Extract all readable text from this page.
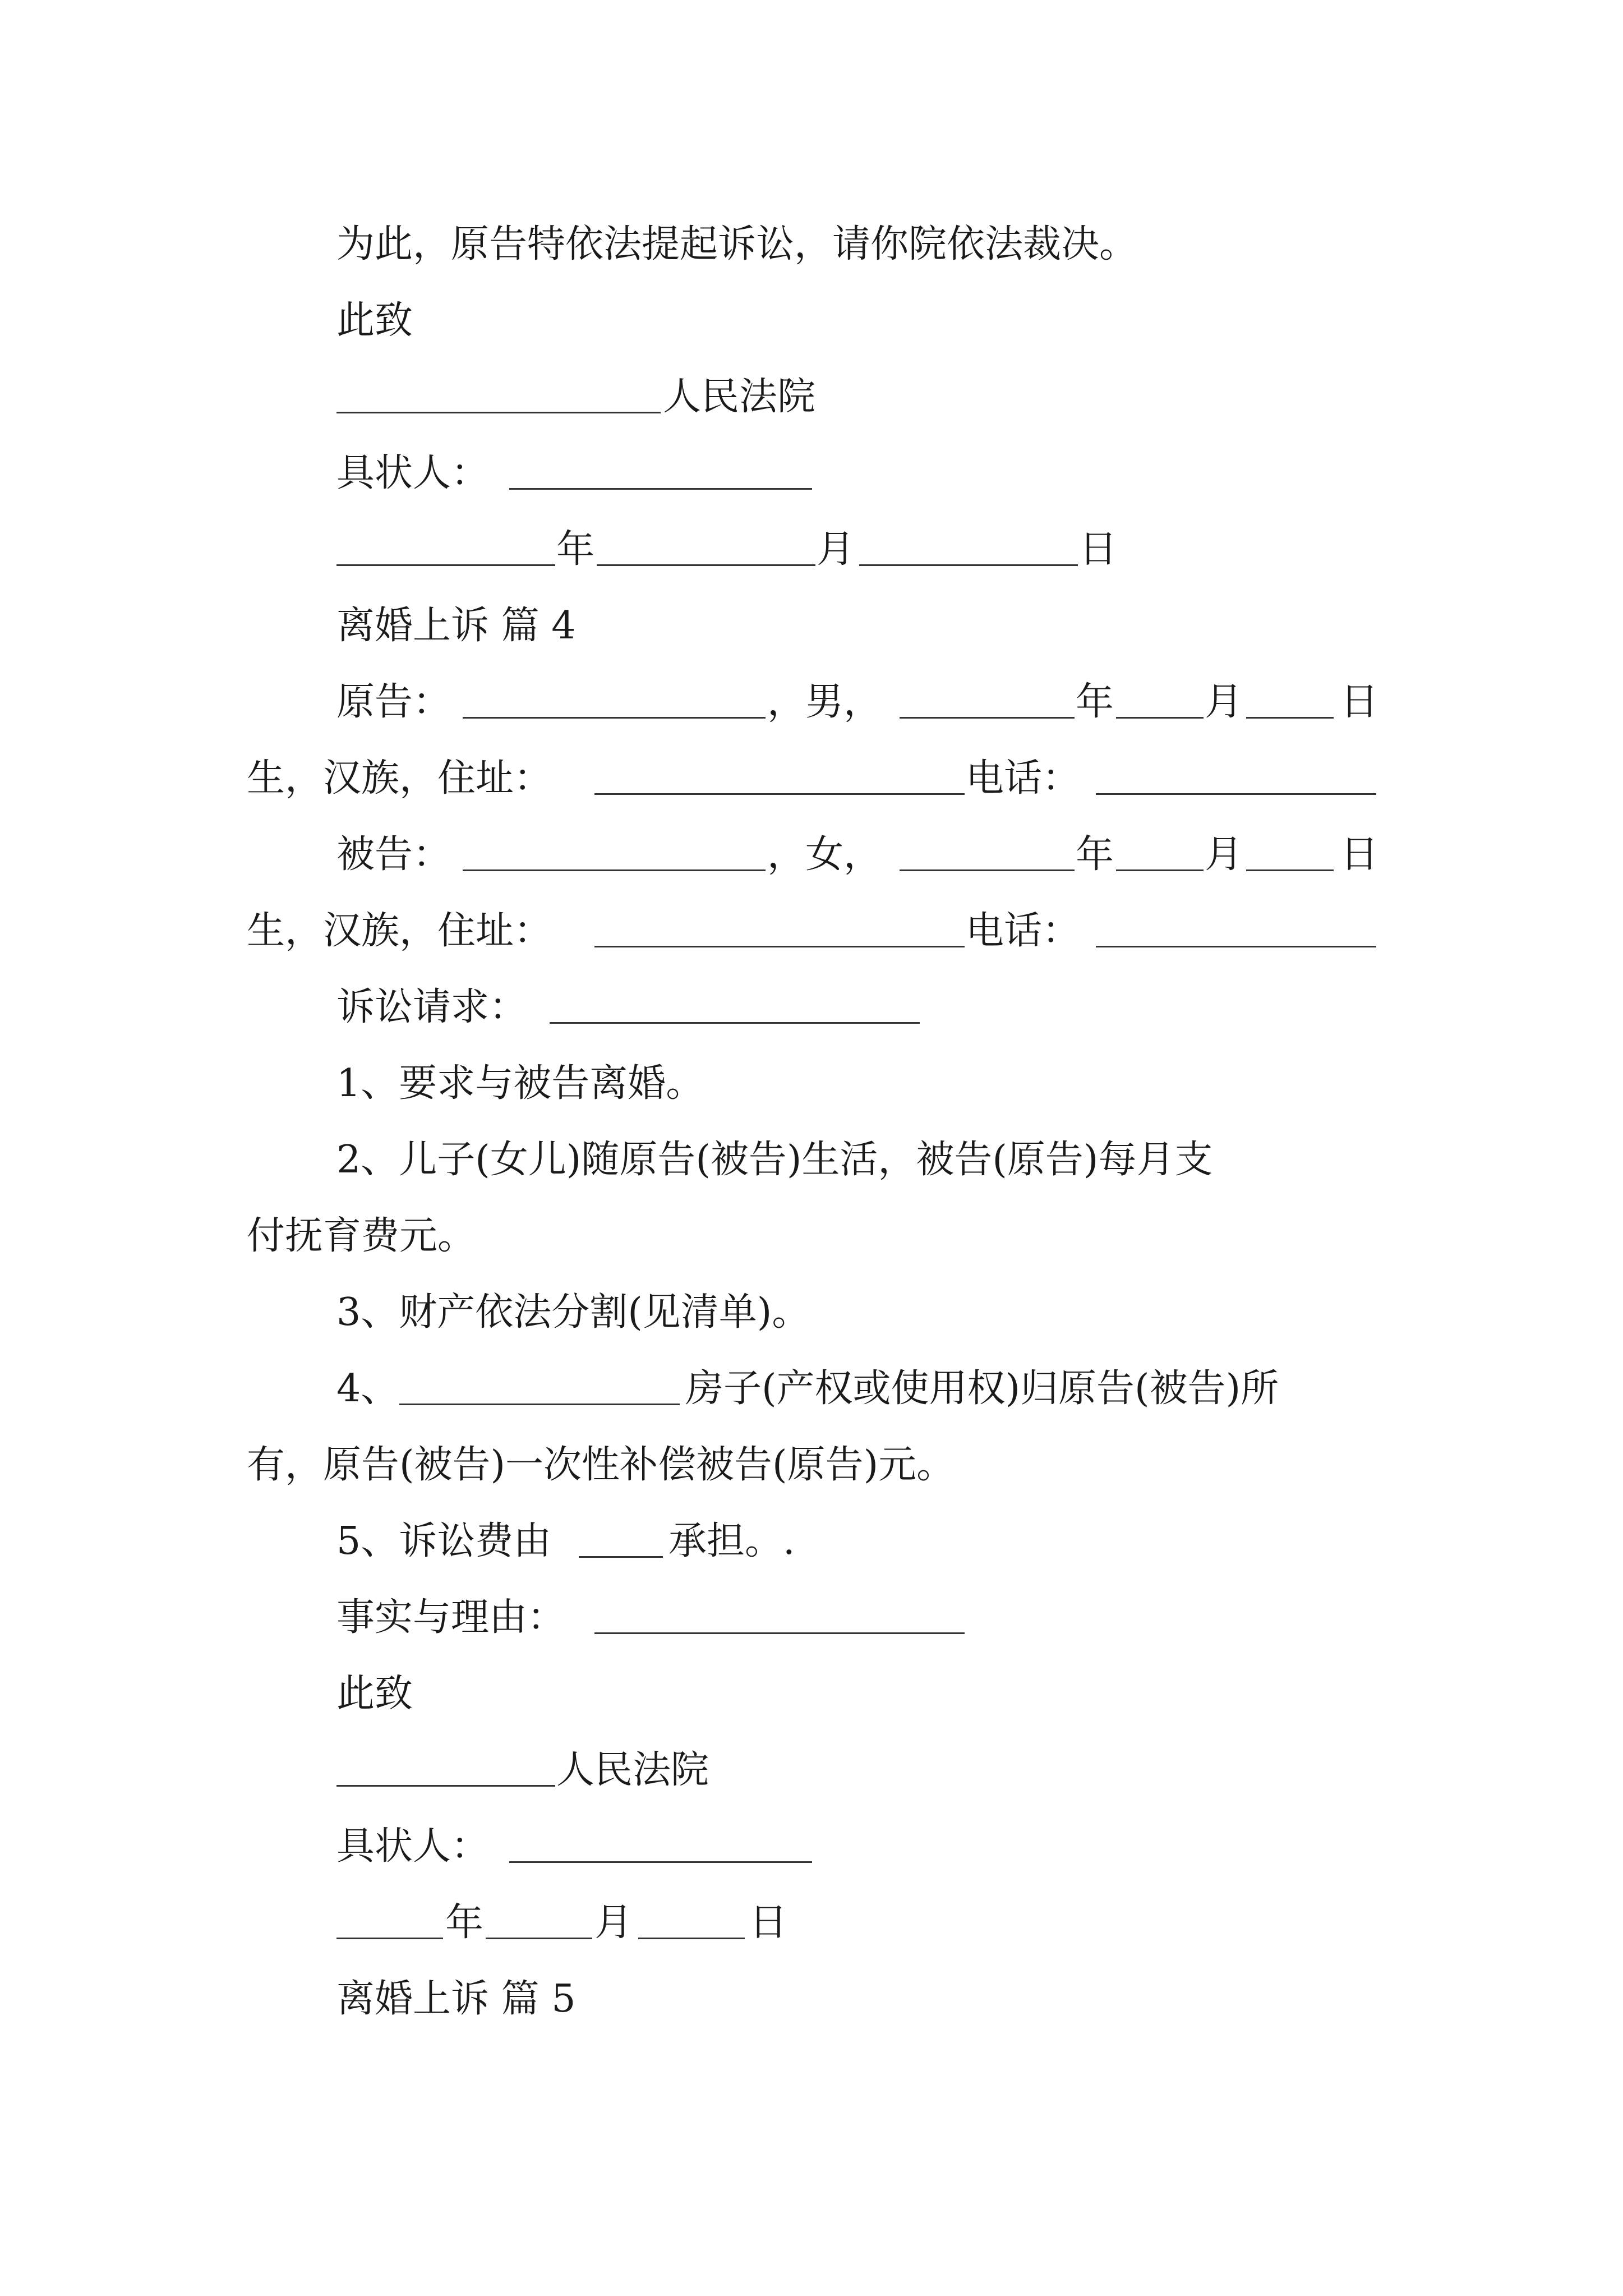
为此，原告特依法提起诉讼，请你院依法裁决。
此致
人民法院
具状人：
年	月	日
离婚上诉 篇 4
原告：	，男，	年 月	日
生，汉族，住址：	电话：
被告：	，女，	年 月	日
生，汉族，住址：	电话：
诉讼请求：
1、要求与被告离婚。
2、儿子(女儿)随原告(被告)生活，被告(原告)每月支
付抚育费元。
3、财产依法分割(见清单)。
4、	房子(产权或使用权)归原告(被告)所
有，原告(被告)一次性补偿被告(原告)元。
5、诉讼费由	承担。.
事实与理由：
此致
人民法院
具状人：
年	月	日
离婚上诉 篇 5
